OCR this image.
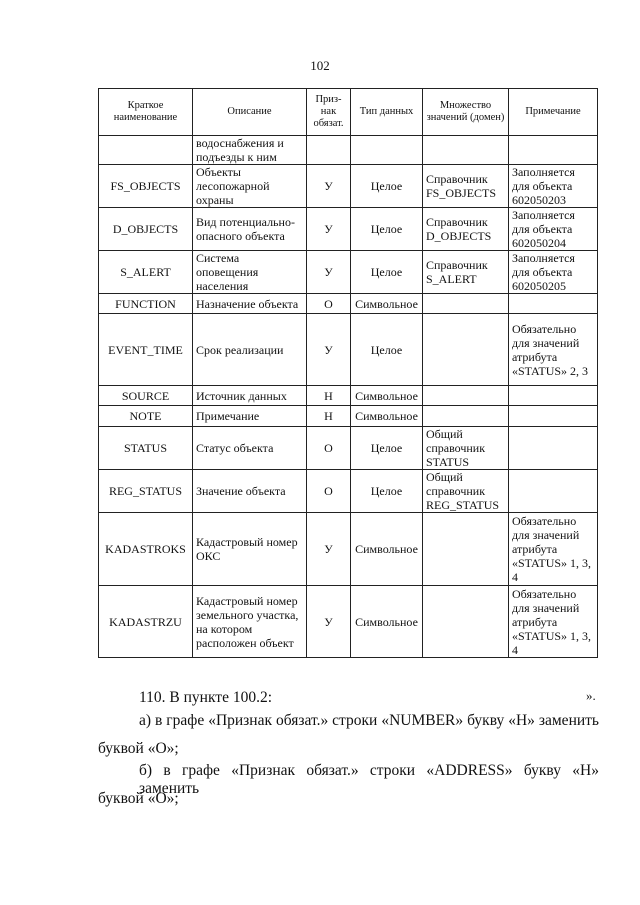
102
Краткое наименование	Описание	Приз-нак обязат.	Тип данных	Множество значений (домен)	Примечание
	водоснабжения и подъезды к ним				
FS_OBJECTS	Объекты лесопожарной охраны	У	Целое	Справочник FS_OBJECTS	Заполняется для объекта 602050203
D_OBJECTS	Вид потенциально-опасного объекта	У	Целое	Справочник D_OBJECTS	Заполняется для объекта 602050204
S_ALERT	Система оповещения населения	У	Целое	Справочник S_ALERT	Заполняется для объекта 602050205
FUNCTION	Назначение объекта	О	Символьное		
EVENT_TIME	Срок реализации	У	Целое		Обязательно для значений атрибута «STATUS» 2, 3
SOURCE	Источник данных	Н	Символьное		
NOTE	Примечание	Н	Символьное		
STATUS	Статус объекта	О	Целое	Общий справочник STATUS	
REG_STATUS	Значение объекта	О	Целое	Общий справочник REG_STATUS	
KADASTROKS	Кадастровый номер ОКС	У	Символьное		Обязательно для значений атрибута «STATUS» 1, 3, 4
KADASTRZU	Кадастровый номер земельного участка, на котором расположен объект	У	Символьное		Обязательно для значений атрибута «STATUS» 1, 3, 4
».
110. В пункте 100.2:
а) в графе «Признак обязат.» строки «NUMBER» букву «Н» заменить
буквой «О»;
б) в графе «Признак обязат.» строки «ADDRESS» букву «Н» заменить
буквой «О»;
